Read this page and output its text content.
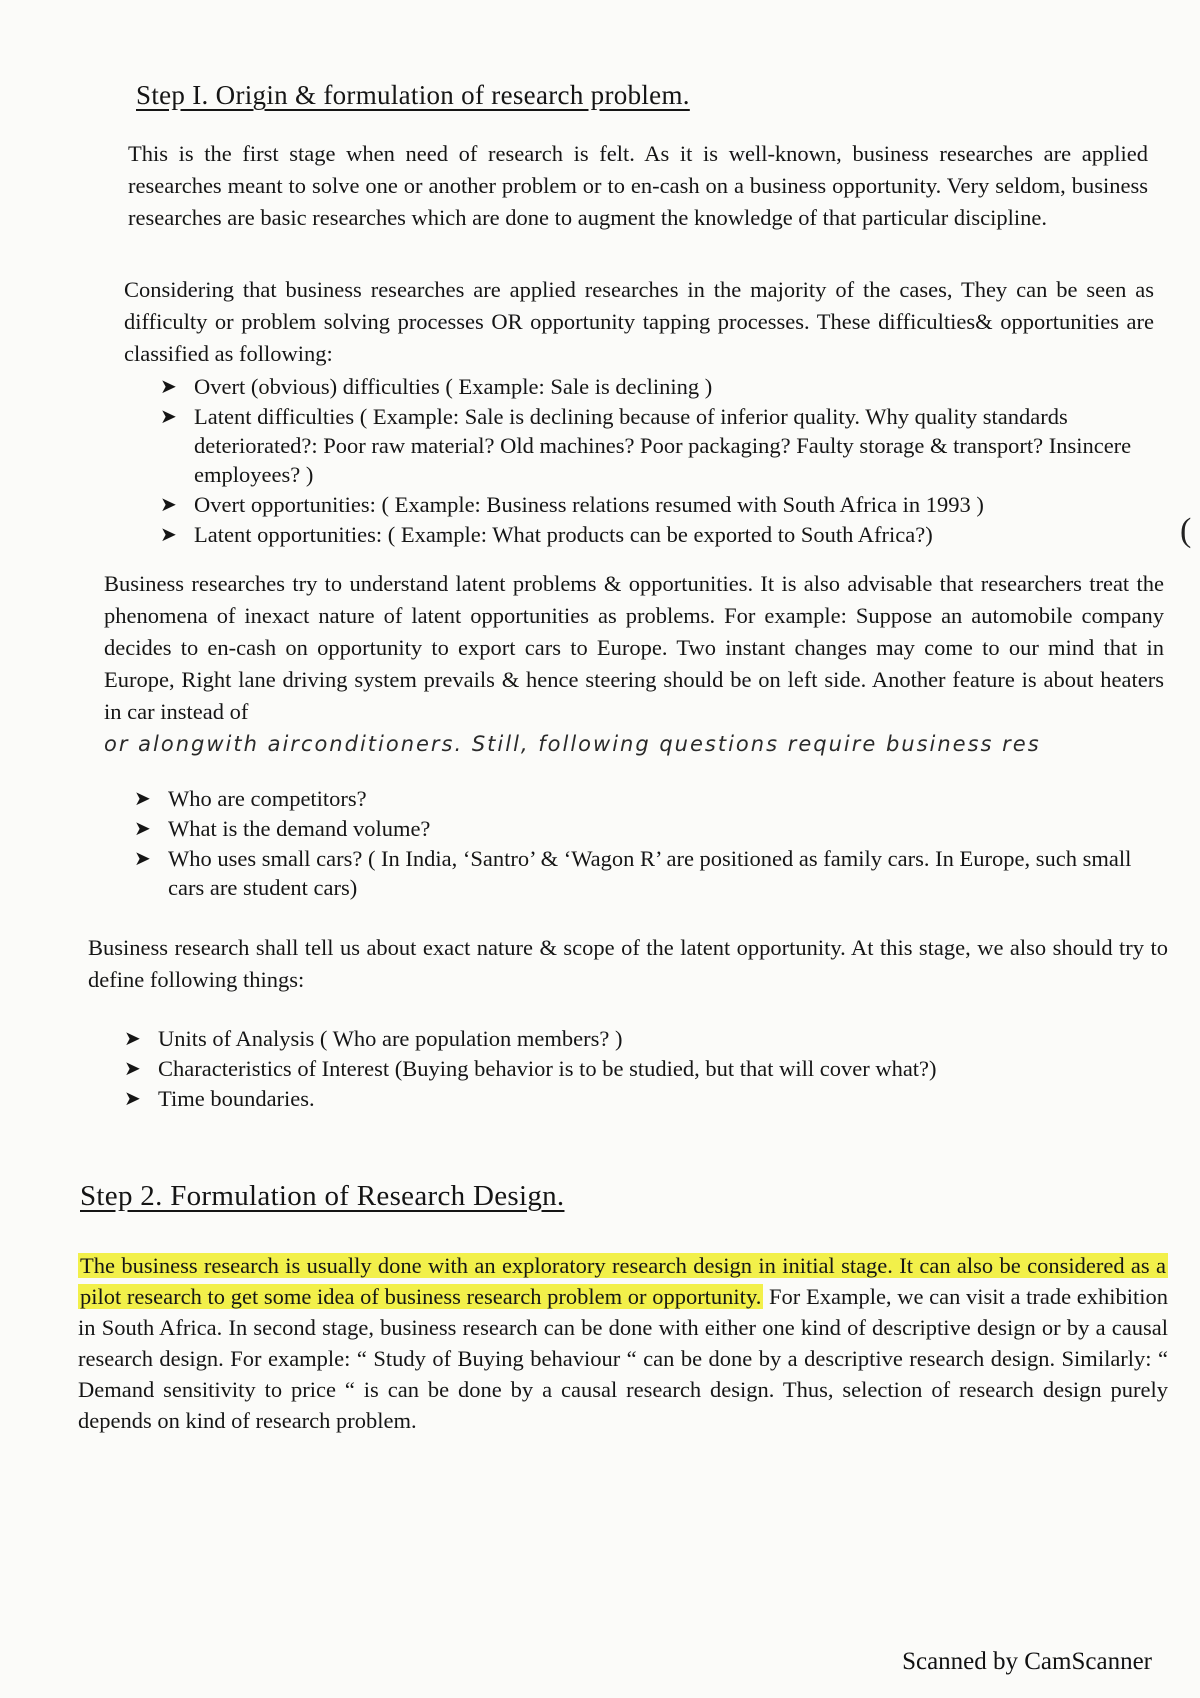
Step I. Origin & formulation of research problem.

This is the first stage when need of research is felt. As it is well-known, business researches are applied researches meant to solve one or another problem or to en-cash on a business opportunity. Very seldom, business researches are basic researches which are done to augment the knowledge of that particular discipline.

Considering that business researches are applied researches in the majority of the cases, They can be seen as difficulty or problem solving processes OR opportunity tapping processes. These difficulties& opportunities are classified as following:

➤ Overt (obvious) difficulties ( Example: Sale is declining )
➤ Latent difficulties ( Example: Sale is declining because of inferior quality. Why quality standards deteriorated?: Poor raw material? Old machines? Poor packaging? Faulty storage & transport? Insincere employees? )
➤ Overt opportunities: ( Example: Business relations resumed with South Africa in 1993 )
➤ Latent opportunities: ( Example: What products can be exported to South Africa?)	(

Business researches try to understand latent problems & opportunities. It is also advisable that researchers treat the phenomena of inexact nature of latent opportunities as problems. For example: Suppose an automobile company decides to en-cash on opportunity to export cars to Europe. Two instant changes may come to our mind that in Europe, Right lane driving system prevails & hence steering should be on left side. Another feature is about heaters in car instead of

or alongwith airconditioners. Still, following questions require business res

➤ Who are competitors?
➤ What is the demand volume?
➤ Who uses small cars? ( In India, ‘Santro’ & ‘Wagon R’ are positioned as family cars. In Europe, such small cars are student cars)

Business research shall tell us about exact nature & scope of the latent opportunity. At this stage, we also should try to define following things:

➤ Units of Analysis ( Who are population members? )
➤ Characteristics of Interest (Buying behavior is to be studied, but that will cover what?)
➤ Time boundaries.
Step 2. Formulation of Research Design.

The business research is usually done with an exploratory research design in initial stage. It can also be considered as a pilot research to get some idea of business research problem or opportunity. For Example, we can visit a trade exhibition in South Africa. In second stage, business research can be done with either one kind of descriptive design or by a causal research design. For example: “ Study of Buying behaviour “ can be done by a descriptive research design. Similarly: “ Demand sensitivity to price “ is can be done by a causal research design. Thus, selection of research design purely depends on kind of research problem.

Scanned by CamScanner
